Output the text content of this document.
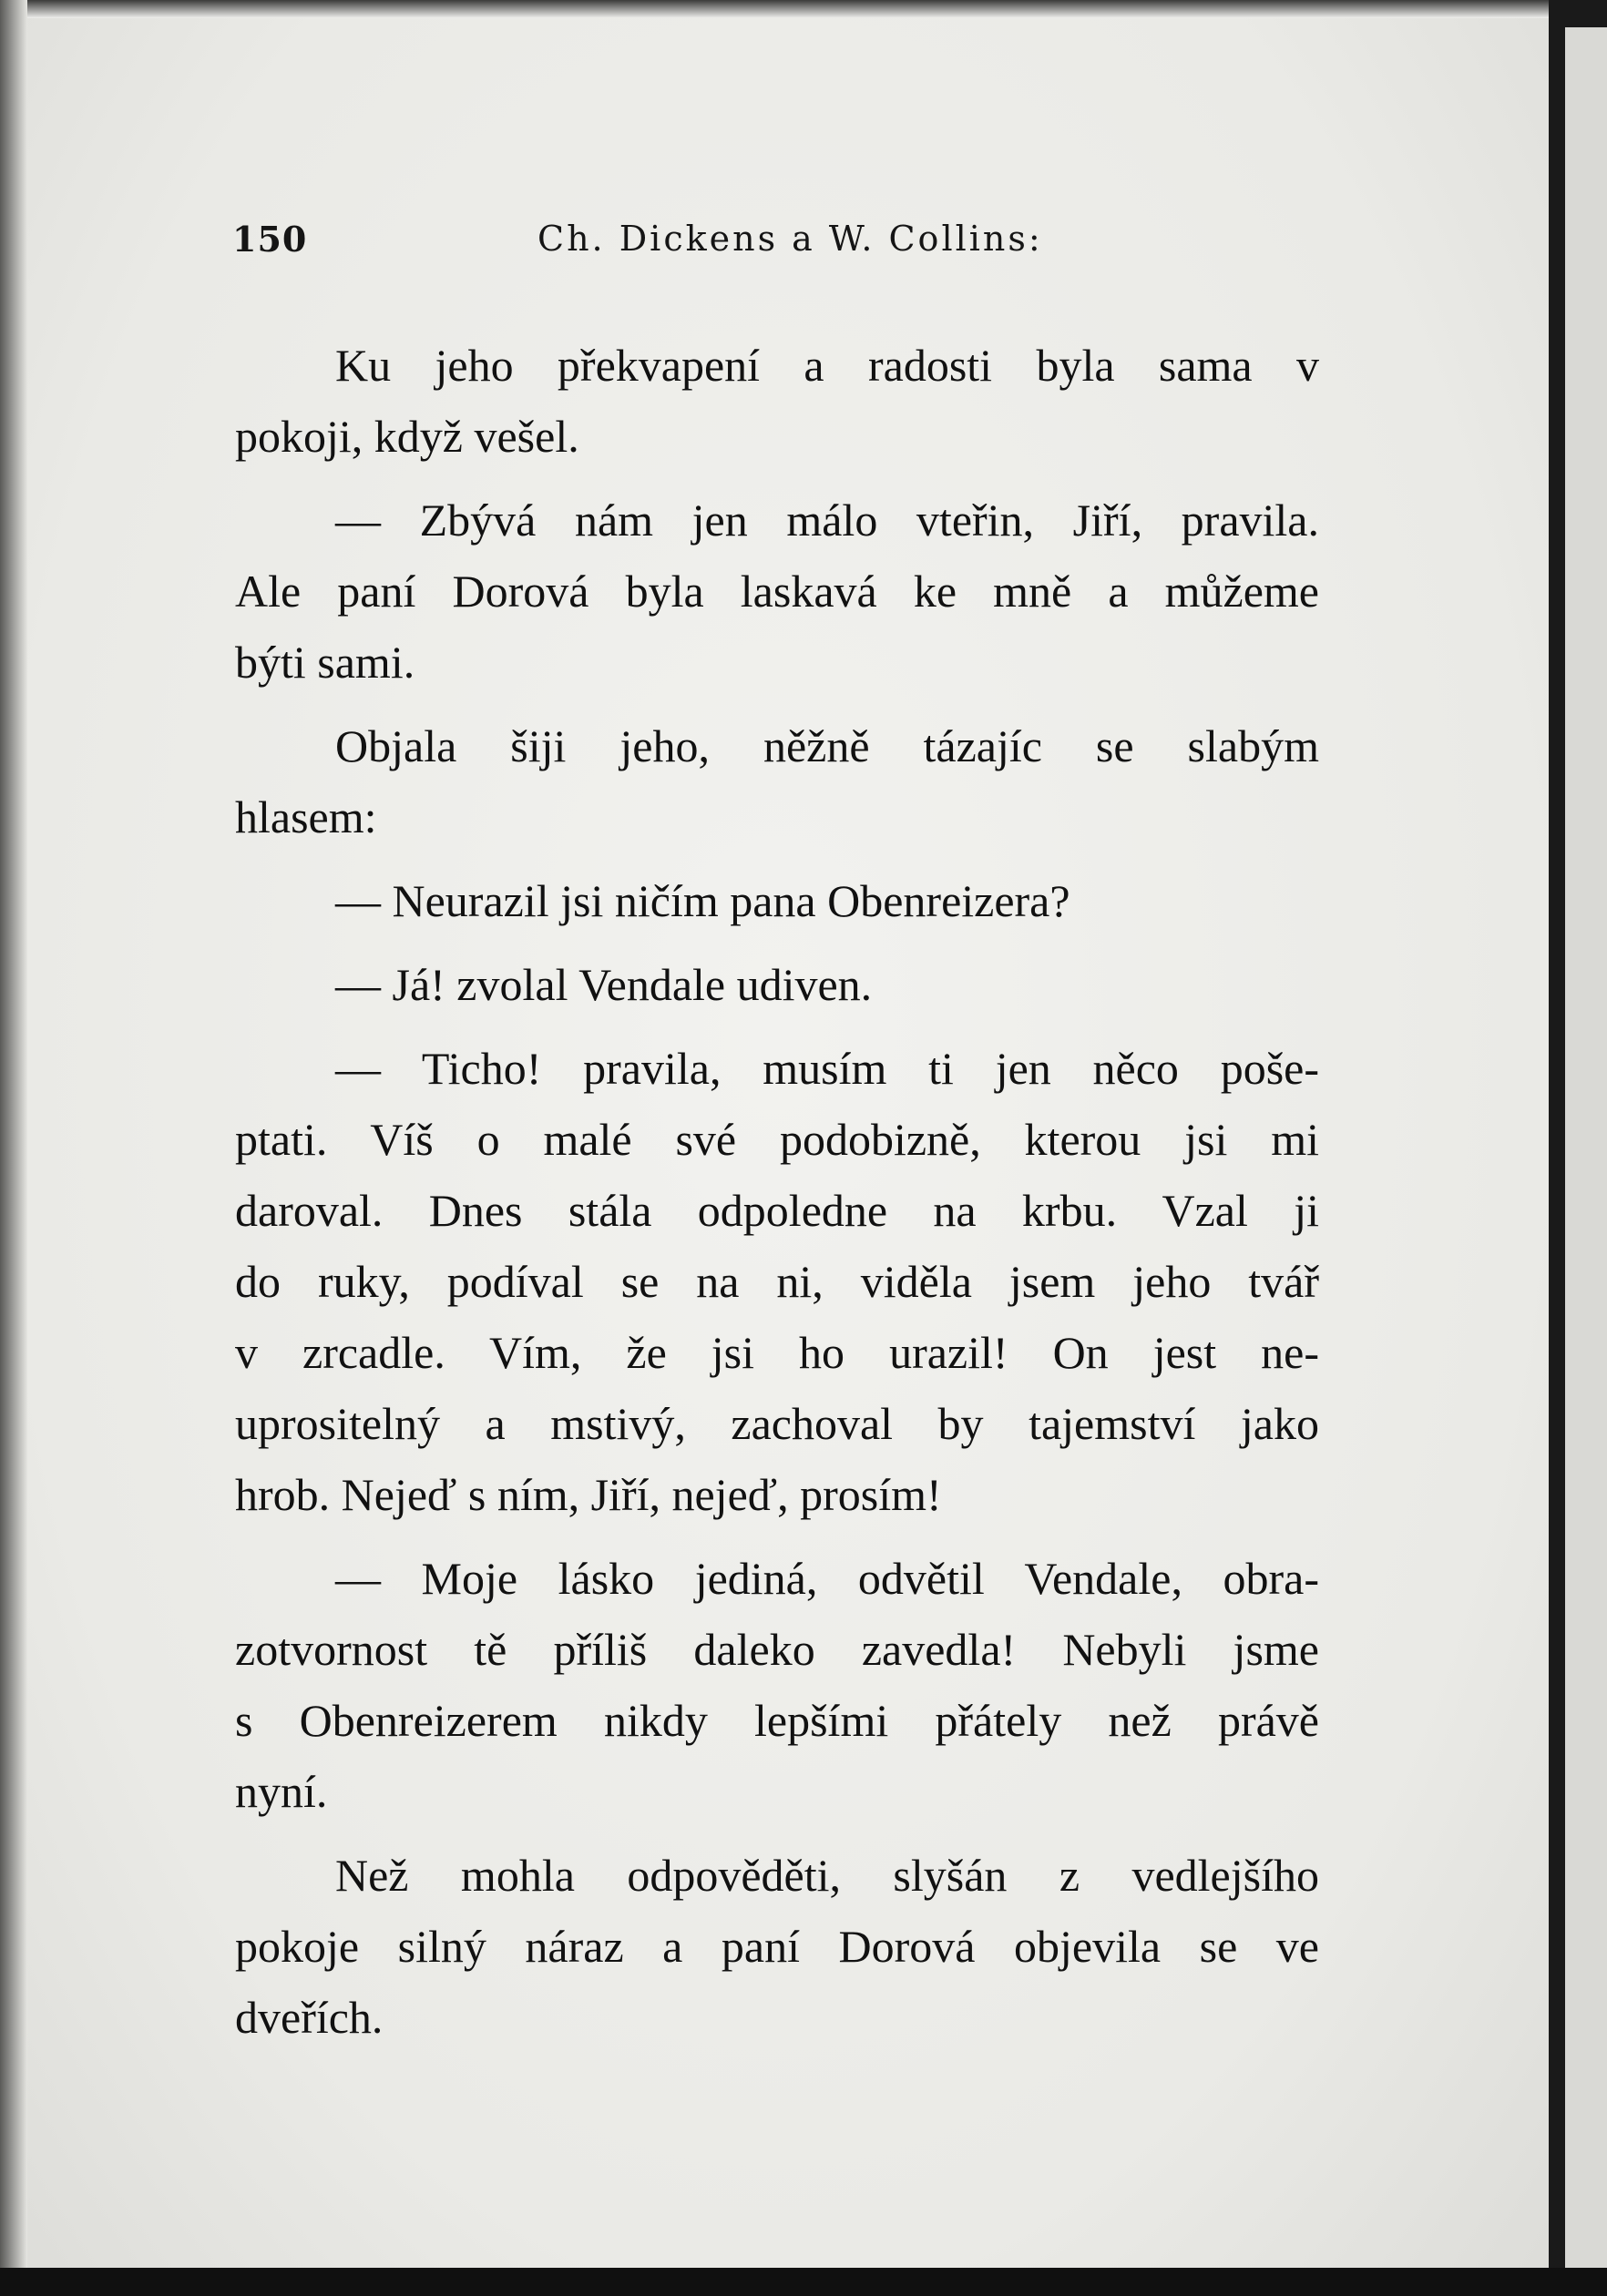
150	Ch. Dickens a W. Collins:
Ku jeho překvapení a radosti byla sama v
pokoji, když vešel.
— Zbývá nám jen málo vteřin, Jiří, pravila.
Ale paní Dorová byla laskavá ke mně a můžeme
býti sami.
Objala šiji jeho, něžně tázajíc se slabým
hlasem:
— Neurazil jsi ničím pana Obenreizera?
— Já! zvolal Vendale udiven.
— Ticho! pravila, musím ti jen něco poše-
ptati. Víš o malé své podobizně, kterou jsi mi
daroval. Dnes stála odpoledne na krbu. Vzal ji
do ruky, podíval se na ni, viděla jsem jeho tvář
v zrcadle. Vím, že jsi ho urazil! On jest ne-
uprositelný a mstivý, zachoval by tajemství jako
hrob. Nejeď s ním, Jiří, nejeď, prosím!
— Moje lásko jediná, odvětil Vendale, obra-
zotvornost tě příliš daleko zavedla! Nebyli jsme
s Obenreizerem nikdy lepšími přátely než právě
nyní.
Než mohla odpověděti, slyšán z vedlejšího
pokoje silný náraz a paní Dorová objevila se ve
dveřích.
